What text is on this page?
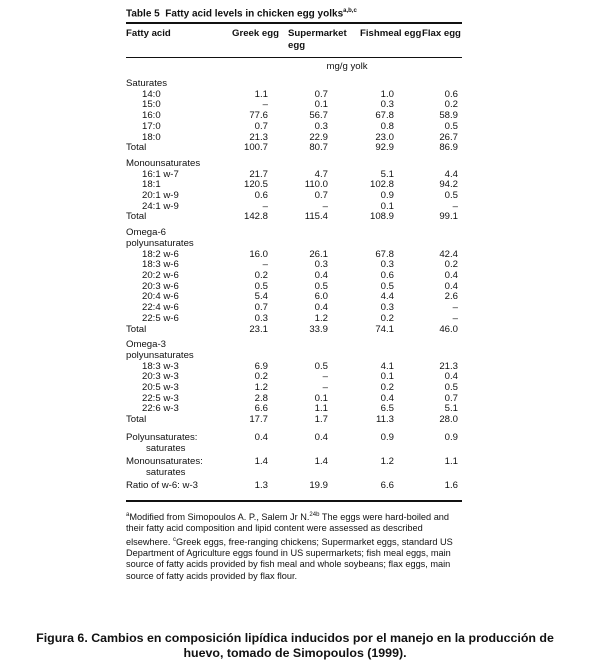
Table 5 Fatty acid levels in chicken egg yolks$^{a,b,c}$
Fatty acid	Greek egg	Supermarket egg	Fishmeal egg	Flax egg
	mg/g yolk			
Saturates				
14:0	1.1	0.7	1.0	0.6
15:0	–	0.1	0.3	0.2
16:0	77.6	56.7	67.8	58.9
17:0	0.7	0.3	0.8	0.5
18:0	21.3	22.9	23.0	26.7
Total	100.7	80.7	92.9	86.9
Monounsaturates				
16:1 w-7	21.7	4.7	5.1	4.4
18:1	120.5	110.0	102.8	94.2
20:1 w-9	0.6	0.7	0.9	0.5
24:1 w-9	–	–	0.1	–
Total	142.8	115.4	108.9	99.1
Omega-6 polyunsaturates				
18:2 w-6	16.0	26.1	67.8	42.4
18:3 w-6	–	0.3	0.3	0.2
20:2 w-6	0.2	0.4	0.6	0.4
20:3 w-6	0.5	0.5	0.5	0.4
20:4 w-6	5.4	6.0	4.4	2.6
22:4 w-6	0.7	0.4	0.3	–
22:5 w-6	0.3	1.2	0.2	–
Total	23.1	33.9	74.1	46.0
Omega-3 polyunsaturates				
18:3 w-3	6.9	0.5	4.1	21.3
20:3 w-3	0.2	–	0.1	0.4
20:5 w-3	1.2	–	0.2	0.5
22:5 w-3	2.8	0.1	0.4	0.7
22:6 w-3	6.6	1.1	6.5	5.1
Total	17.7	1.7	11.3	28.0

Polyunsaturates:
saturates	0.4	0.4	0.9	0.9

Monounsaturates:
saturates	1.4	1.4	1.2	1.1
Ratio of w-6: w-3	1.3	19.9	6.6	1.6

$^a$Modified from Simopoulos A. P., Salem Jr N.$^{24b}$ The eggs were hard-boiled and their fatty acid composition and lipid content were assessed as described elsewhere. $^c$Greek eggs, free-ranging chickens; Supermarket eggs, standard US Department of Agriculture eggs found in US supermarkets; fish meal eggs, main source of fatty acids provided by fish meal and whole soybeans; flax eggs, main source of fatty acids provided by flax flour.
Figura 6. Cambios en composición lipídica inducidos por el manejo en la producción de
huevo, tomado de Simopoulos (1999).
